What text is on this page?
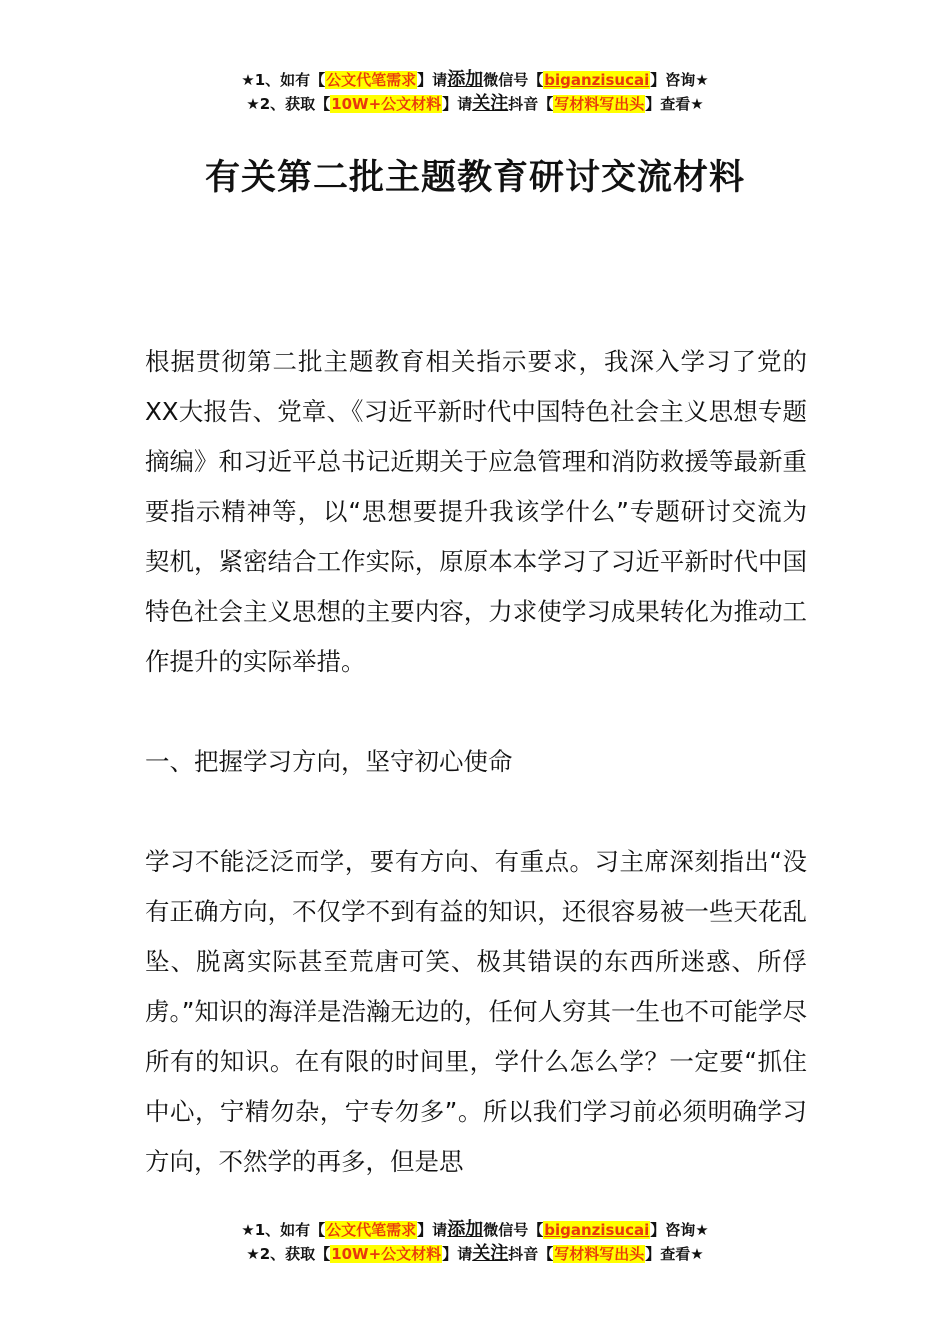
★1、如有【公文代笔需求】请添加微信号【biganzisucai】咨询★
★2、获取【10W+公文材料】请关注抖音【写材料写出头】查看★
有关第二批主题教育研讨交流材料
根据贯彻第二批主题教育相关指示要求，我深入学习了党的XX大报告、党章、《习近平新时代中国特色社会主义思想专题摘编》和习近平总书记近期关于应急管理和消防救援等最新重要指示精神等，以“思想要提升我该学什么”专题研讨交流为契机，紧密结合工作实际，原原本本学习了习近平新时代中国特色社会主义思想的主要内容，力求使学习成果转化为推动工作提升的实际举措。
一、把握学习方向，坚守初心使命
学习不能泛泛而学，要有方向、有重点。习主席深刻指出“没有正确方向，不仅学不到有益的知识，还很容易被一些天花乱坠、脱离实际甚至荒唐可笑、极其错误的东西所迷惑、所俘虏。”知识的海洋是浩瀚无边的，任何人穷其一生也不可能学尽所有的知识。在有限的时间里，学什么怎么学？一定要“抓住中心，宁精勿杂，宁专勿多”。所以我们学习前必须明确学习方向，不然学的再多，但是思
★1、如有【公文代笔需求】请添加微信号【biganzisucai】咨询★
★2、获取【10W+公文材料】请关注抖音【写材料写出头】查看★
